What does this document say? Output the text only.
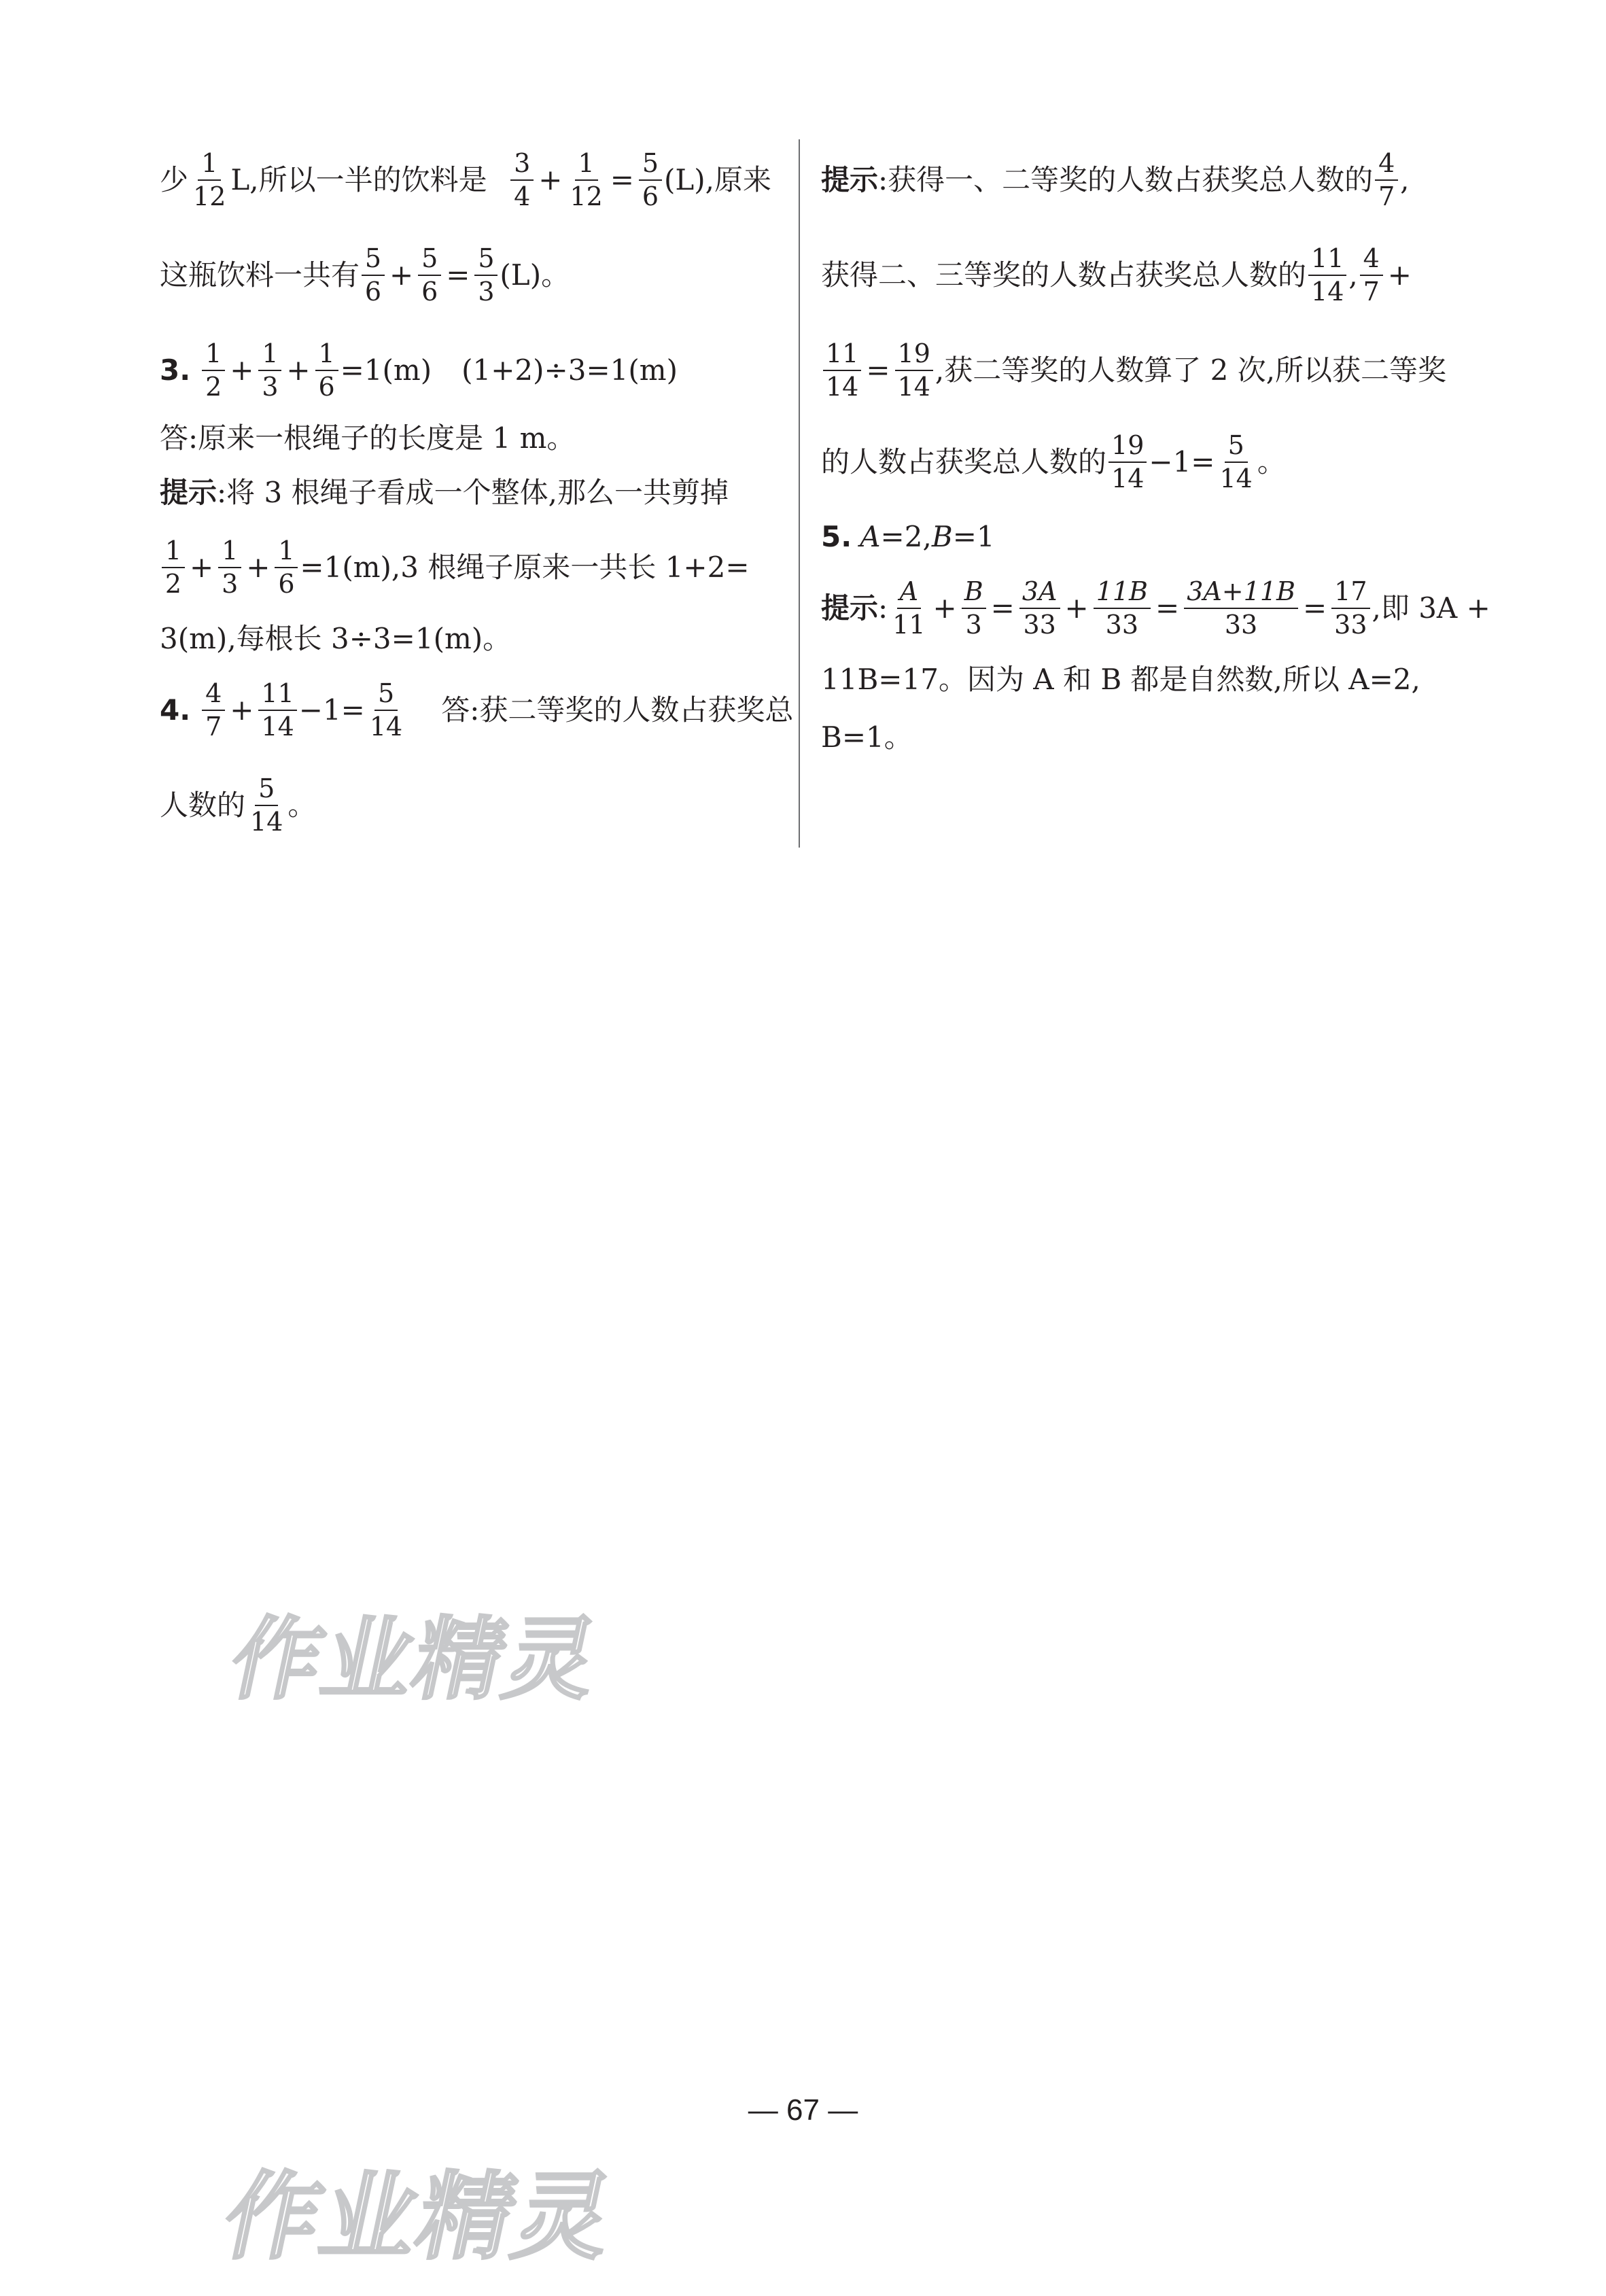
少 $\frac{1}{12} L$,所以一半的饮料是 $\frac{3}{4} + \frac{1}{12} = \frac{5}{6} (L)$,原来
这瓶饮料一共有 $\frac{5}{6} + \frac{5}{6} = \frac{5}{3} (L)$。
3 . $\frac{1}{2} + \frac{1}{3} + \frac{1}{6} =1(m)$ (1+2)÷3=1(m)
答:原来一根绳子的长度是 1 m。
提示 :将 3 根绳子看成一个整体,那么一共剪掉
$\frac{1}{2} + \frac{1}{3} + \frac{1}{6} =1(m),3$ 根绳子原来一共长 1+2=
3(m),每根长 3÷3=1(m)。
4 . $\frac{4}{7} + \frac{11}{14} -1= \frac{5}{14}$ 答:获二等奖的人数占获奖总
人数的 $\frac{5}{14}$ 。
提示 :获得一、二等奖的人数占获奖总人数的 $\frac{4}{7}$ ,
获得二、三等奖的人数占获奖总人数的 $\frac{11}{14}$ , $\frac{4}{7}$ +
$\frac{11}{14} = \frac{19}{14}$ ,获二等奖的人数算了 2 次,所以获二等奖
的人数占获奖总人数的 $\frac{19}{14} -1= \frac{5}{14}$ 。
5 . A =2, B =1
提示 : $\frac{A}{11} + \frac{B}{3} = \frac{3A}{33} + \frac{11B}{33} = \frac{3A+11B}{33} = \frac{17}{33}$ ,即 3A +
11B=17。因为 A 和 B 都是自然数,所以 A=2,
B=1。
作业精灵
— 67 —
作业精灵
